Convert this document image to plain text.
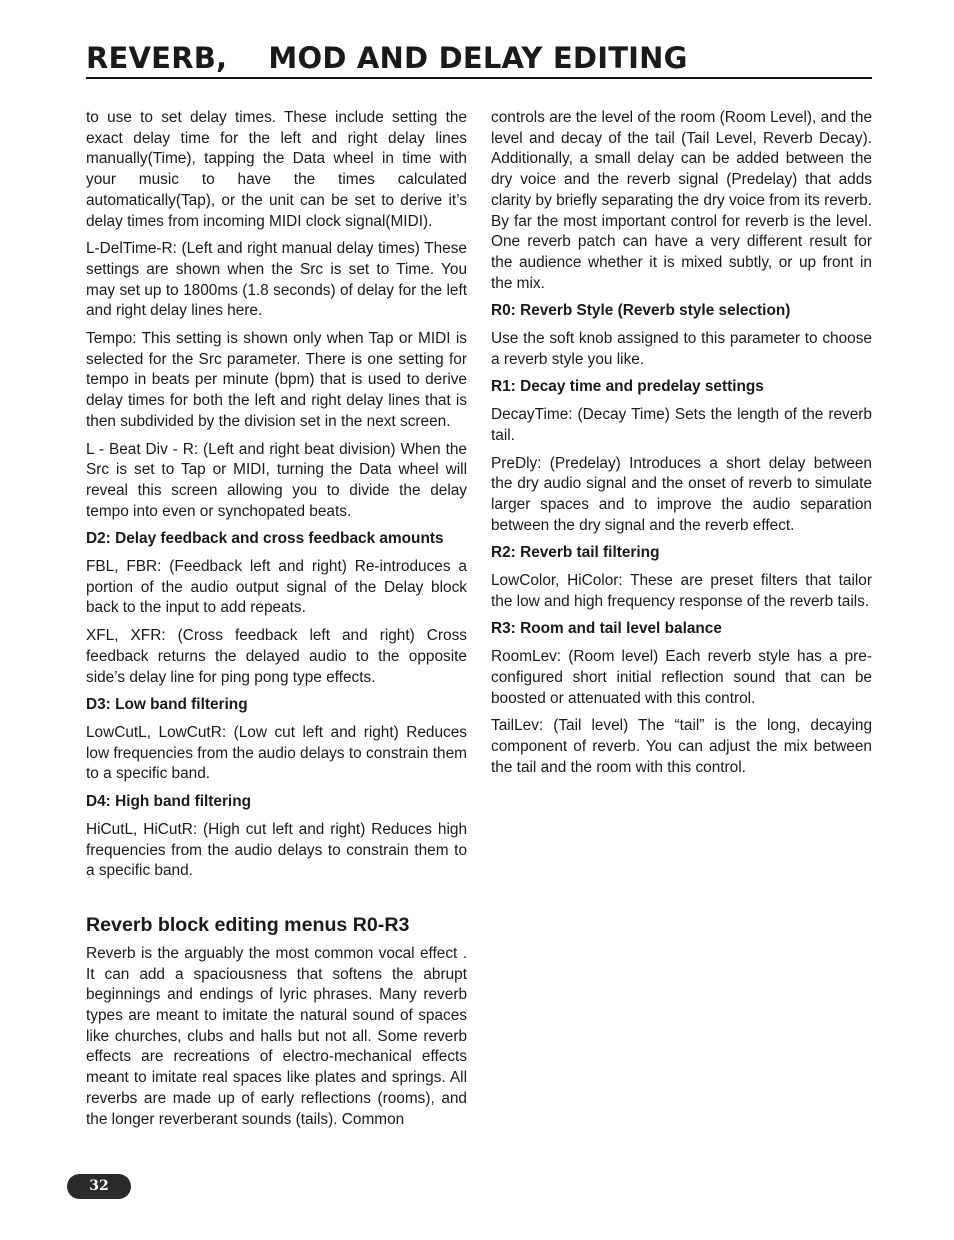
REVERB,    MOD AND DELAY EDITING

to use to set delay times. These include setting the exact delay time for the left and right delay lines manually(Time), tapping the Data wheel in time with your music to have the times calculated automatically(Tap), or the unit can be set to derive it’s delay times from incoming MIDI clock signal(MIDI).

L-DelTime-R: (Left and right manual delay times) These settings are shown when the Src is set to Time. You may set up to 1800ms (1.8 seconds) of delay for the left and right delay lines here.

Tempo: This setting is shown only when Tap or MIDI is selected for the Src parameter. There is one setting for tempo in beats per minute (bpm) that is used to derive delay times for both the left and right delay lines that is then subdivided by the division set in the next screen.

L - Beat Div - R: (Left and right beat division) When the Src is set to Tap or MIDI, turning the Data wheel will reveal this screen allowing you to divide the delay tempo into even or synchopated beats.

D2: Delay feedback and cross feedback amounts

FBL, FBR: (Feedback left and right) Re-introduces a portion of the audio output signal of the Delay block back to the input to add repeats.

XFL, XFR: (Cross feedback left and right) Cross feedback returns the delayed audio to the opposite side’s delay line for ping pong type effects.

D3: Low band filtering

LowCutL, LowCutR: (Low cut left and right) Reduces low frequencies from the audio delays to constrain them to a specific band.

D4: High band filtering

HiCutL, HiCutR: (High cut left and right) Reduces high frequencies from the audio delays to constrain them to a specific band.

Reverb block editing menus R0-R3

Reverb is the arguably the most common vocal effect . It can add a spaciousness that softens the abrupt beginnings and endings of lyric phrases. Many reverb types are meant to imitate the natural sound of spaces like churches, clubs and halls but not all. Some reverb effects are recreations of electro-mechanical effects meant to imitate real spaces like plates and springs. All reverbs are made up of early reflections (rooms), and the longer reverberant sounds (tails). Common

controls are the level of the room (Room Level), and the level and decay of the tail (Tail Level, Reverb Decay). Additionally, a small delay can be added between the dry voice and the reverb signal (Predelay) that adds clarity by briefly separating the dry voice from its reverb. By far the most important control for reverb is the level. One reverb patch can have a very different result for the audience whether it is mixed subtly, or up front in the mix.

R0: Reverb Style (Reverb style selection)

Use the soft knob assigned to this parameter to choose a reverb style you like.

R1: Decay time and predelay settings

DecayTime: (Decay Time) Sets the length of the reverb tail.

PreDly: (Predelay) Introduces a short delay between the dry audio signal and the onset of reverb to simulate larger spaces and to improve the audio separation between the dry signal and the reverb effect.

R2: Reverb tail filtering

LowColor, HiColor: These are preset filters that tailor the low and high frequency response of the reverb tails.

R3: Room and tail level balance

RoomLev: (Room level) Each reverb style has a pre-configured short initial reflection sound that can be boosted or attenuated with this control.

TailLev: (Tail level) The “tail” is the long, decaying component of reverb. You can adjust the mix between the tail and the room with this control.

32
